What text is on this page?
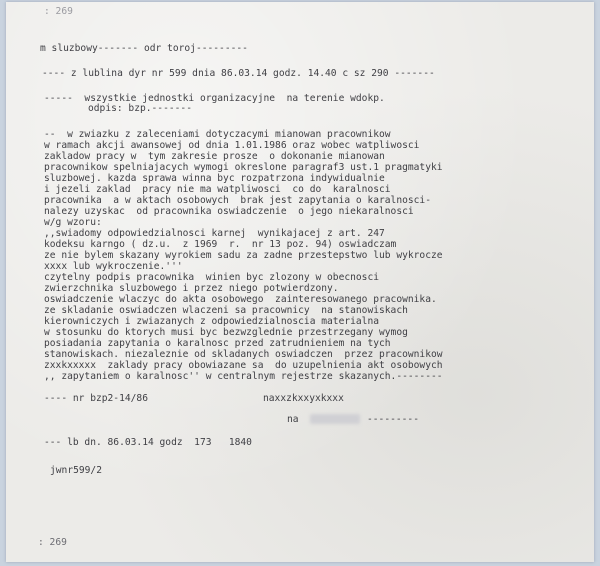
: 269
m sluzbowy------- odr toroj---------
---- z lublina dyr nr 599 dnia 86.03.14 godz. 14.40 c sz 290 -------
-----  wszystkie jednostki organizacyjne  na terenie wdokp.
odpis: bzp.-------
--  w zwiazku z zaleceniami dotyczacymi mianowan pracownikow
w ramach akcji awansowej od dnia 1.01.1986 oraz wobec watpliwosci
zakladow pracy w  tym zakresie prosze  o dokonanie mianowan
pracownikow spelniajacych wymogi okreslone paragraf3 ust.1 pragmatyki
sluzbowej. kazda sprawa winna byc rozpatrzona indywidualnie
i jezeli zaklad  pracy nie ma watpliwosci  co do  karalnosci
pracownika  a w aktach osobowych  brak jest zapytania o karalnosci-
nalezy uzyskac  od pracownika oswiadczenie  o jego niekaralnosci
w/g wzoru:
,,swiadomy odpowiedzialnosci karnej  wynikajacej z art. 247
kodeksu karngo ( dz.u.  z 1969  r.  nr 13 poz. 94) oswiadczam
ze nie bylem skazany wyrokiem sadu za zadne przestepstwo lub wykrocze
xxxx lub wykroczenie.'''
czytelny podpis pracownika  winien byc zlozony w obecnosci
zwierzchnika sluzbowego i przez niego potwierdzony.
oswiadczenie wlaczyc do akta osobowego  zainteresowanego pracownika.
ze skladanie oswiadczen wlaczeni sa pracownicy  na stanowiskach
kierowniczych i zwiazanych z odpowiedzialnoscia materialna
w stosunku do ktorych musi byc bezwzglednie przestrzegany wymog
posiadania zapytania o karalnosc przed zatrudnieniem na tych
stanowiskach. niezaleznie od skladanych oswiadczen  przez pracownikow
zxxkxxxxx  zaklady pracy obowiazane sa  do uzupelnienia akt osobowych
,, zapytaniem o karalnosc'' w centralnym rejestrze skazanych.--------
---- nr bzp2-14/86	naxxzkxxyxkxxx
na	---------
--- lb dn. 86.03.14 godz  173   1840
jwnr599/2
: 269
